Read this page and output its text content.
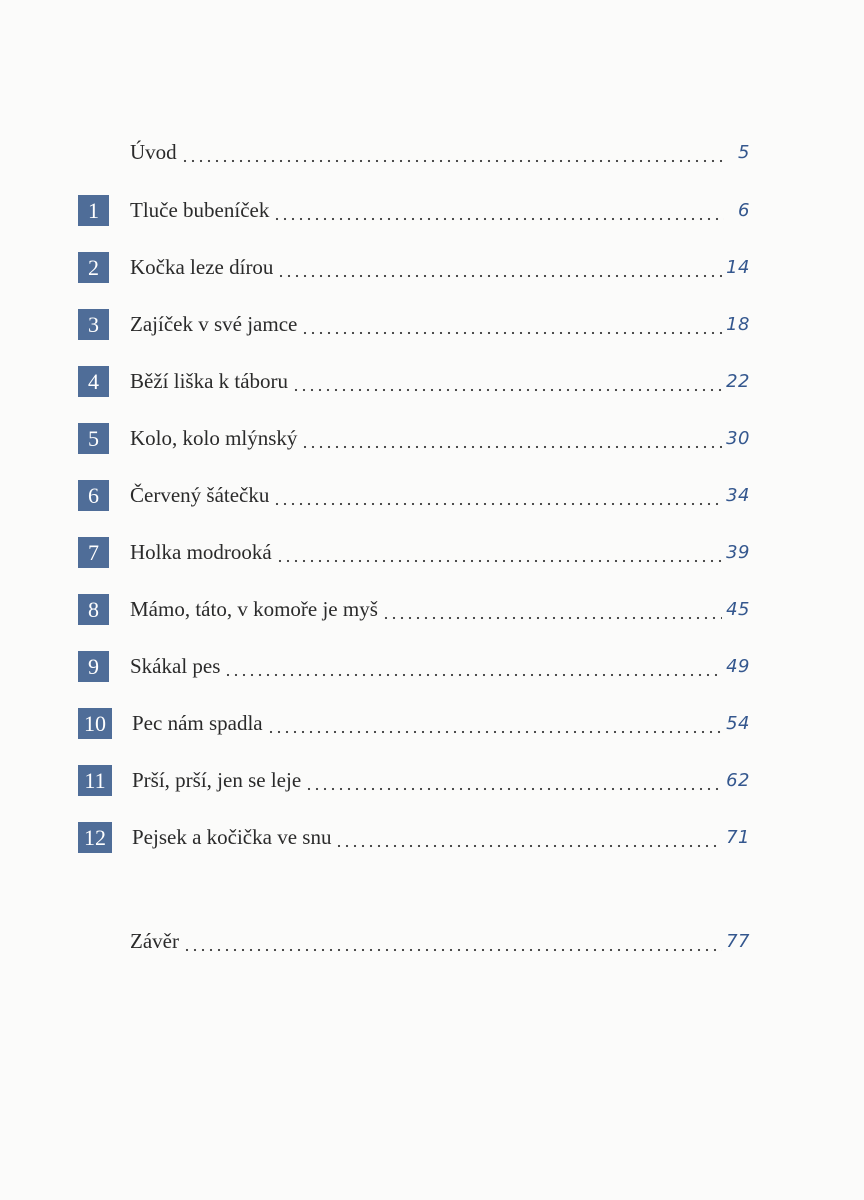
Úvod	5
1	Tluče bubeníček	6
2	Kočka leze dírou	14
3	Zajíček v své jamce	18
4	Běží liška k táboru	22
5	Kolo, kolo mlýnský	30
6	Červený šátečku	34
7	Holka modrooká	39
8	Mámo, táto, v komoře je myš	45
9	Skákal pes	49
10 Pec nám spadla	54
11	Prší, prší, jen se leje	62
12 Pejsek a kočička ve snu	71
Závěr	77
